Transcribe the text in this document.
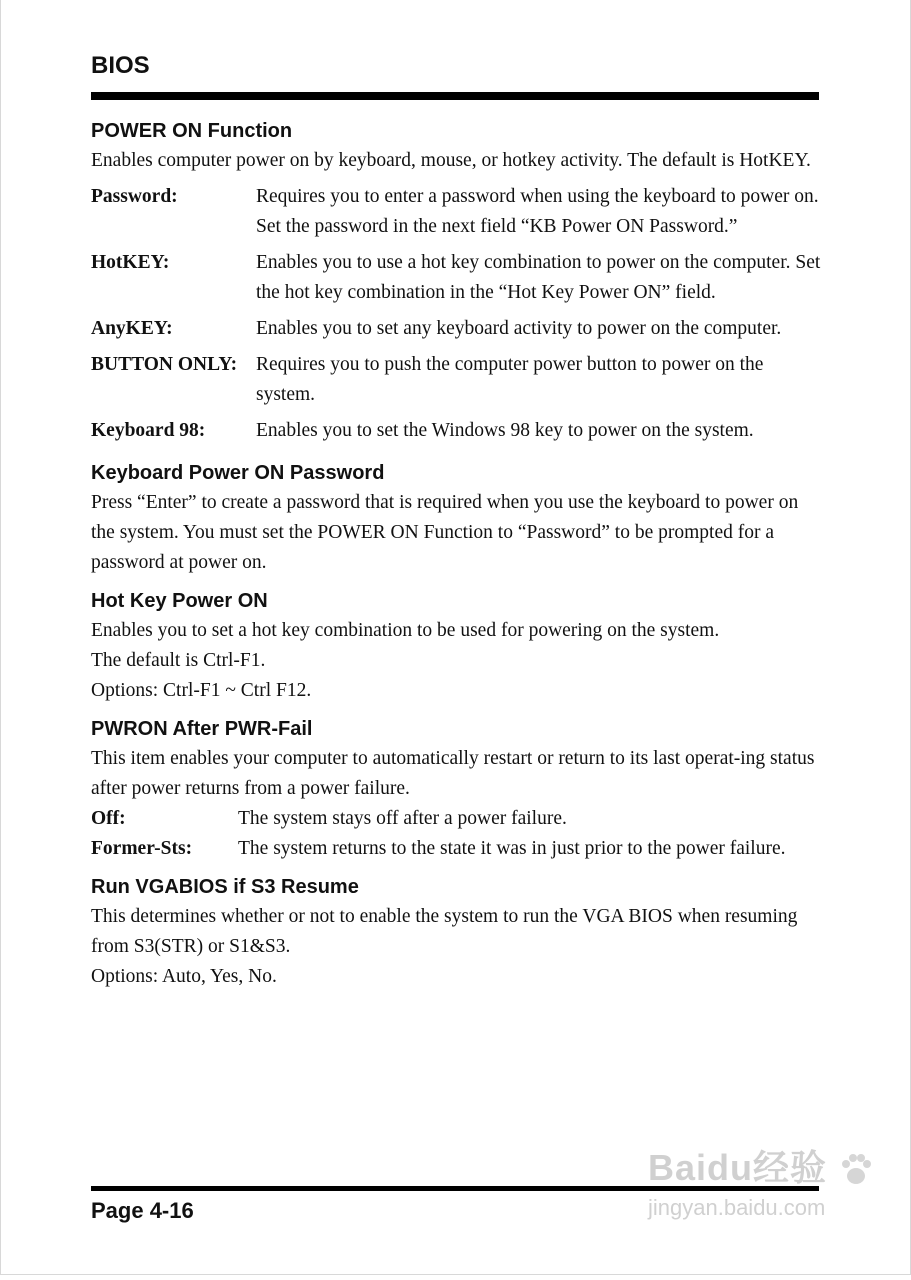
BIOS
POWER ON Function

Enables computer power on by keyboard, mouse, or hotkey activity. The default is HotKEY.

Password:	Requires you to enter a password when using the keyboard to power on. Set the password in the next field “KB Power ON Password.”
HotKEY:	Enables you to use a hot key combination to power on the computer. Set the hot key combination in the “Hot Key Power ON” field.
AnyKEY:	Enables you to set any keyboard activity to power on the computer.
BUTTON ONLY: Requires you to push the computer power button to power on the system.
Keyboard 98:	Enables you to set the Windows 98 key to power on the system.
Keyboard Power ON Password

Press “Enter” to create a password that is required when you use the keyboard to power on the system. You must set the POWER ON Function to “Password” to be prompted for a password at power on.

Hot Key Power ON

Enables you to set a hot key combination to be used for powering on the system.

The default is Ctrl-F1.

Options: Ctrl-F1 ~ Ctrl F12.

PWRON After PWR-Fail

This item enables your computer to automatically restart or return to its last operat-ing status after power returns from a power failure.

Off:	The system stays off after a power failure.
Former-Sts:	The system returns to the state it was in just prior to the power failure.
Run VGABIOS if S3 Resume

This determines whether or not to enable the system to run the VGA BIOS when resuming from S3(STR) or S1&S3.

Options: Auto, Yes, No.

Page 4-16
Baidu经验
jingyan.baidu.com
